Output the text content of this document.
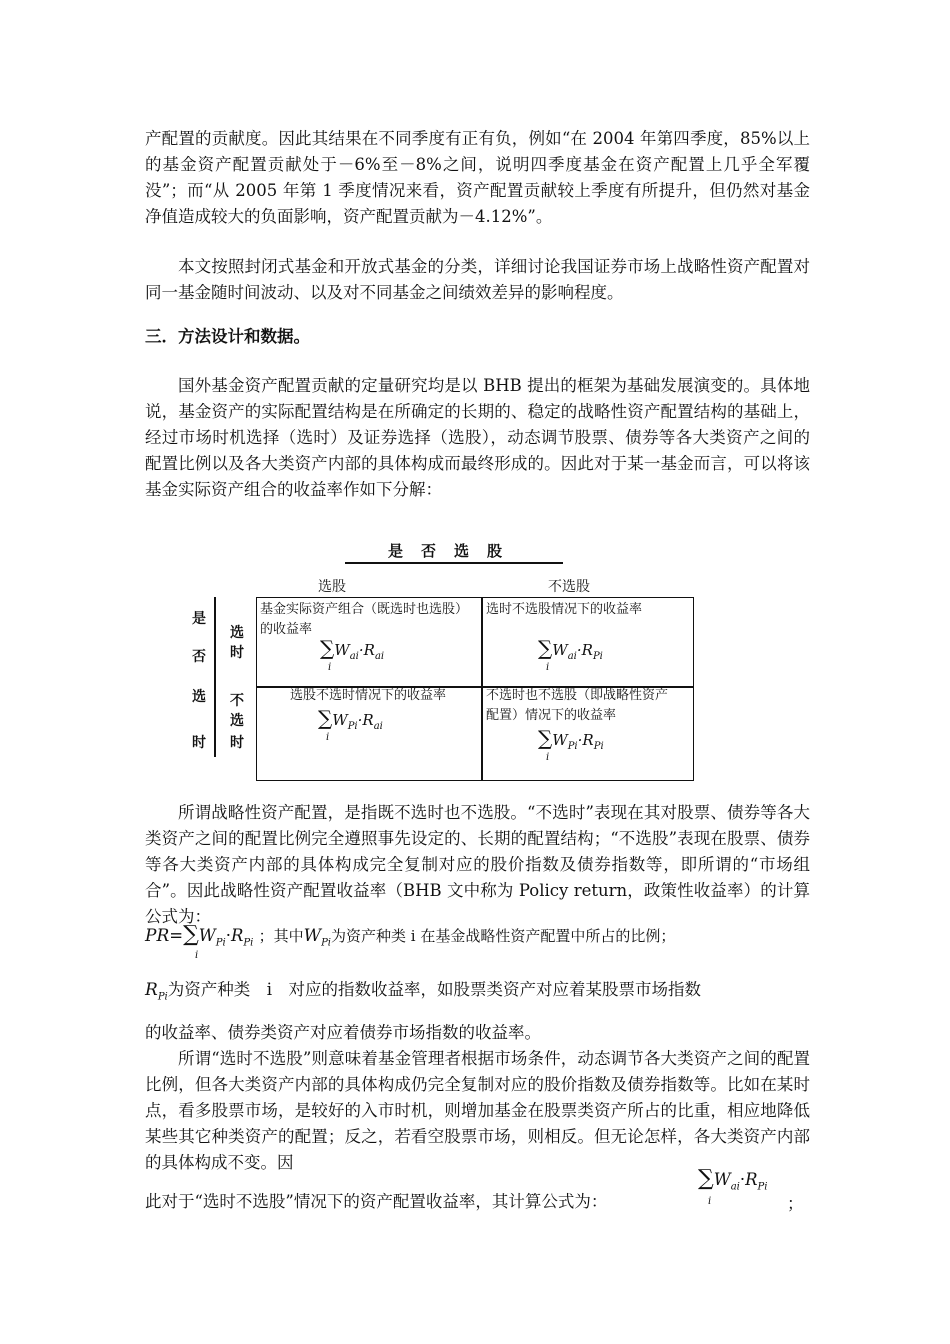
产配置的贡献度。因此其结果在不同季度有正有负，例如“在 2004 年第四季度，85%以上的基金资产配置贡献处于－6%至－8%之间，说明四季度基金在资产配置上几乎全军覆没”；而“从 2005 年第 1 季度情况来看，资产配置贡献较上季度有所提升，但仍然对基金净值造成较大的负面影响，资产配置贡献为－4.12%”。

本文按照封闭式基金和开放式基金的分类，详细讨论我国证券市场上战略性资产配置对同一基金随时间波动、以及对不同基金之间绩效差异的影响程度。

三．方法设计和数据。

国外基金资产配置贡献的定量研究均是以 BHB 提出的框架为基础发展演变的。具体地说，基金资产的实际配置结构是在所确定的长期的、稳定的战略性资产配置结构的基础上，经过市场时机选择（选时）及证券选择（选股），动态调节股票、债券等各大类资产之间的配置比例以及各大类资产内部的具体构成而最终形成的。因此对于某一基金而言，可以将该基金实际资产组合的收益率作如下分解：

是否选股
选股	不选股
是
否
选
时
选
时
不
选
时
基金实际资产组合（既选时也选股）
的收益率
$\sum W_{ai}\cdot R_{ai}$
i
选时不选股情况下的收益率
$\sum W_{ai}\cdot R_{Pi}$
i
选股不选时情况下的收益率
$\sum W_{Pi}\cdot R_{ai}$
i
不选时也不选股（即战略性资产
配置）情况下的收益率
$\sum W_{Pi}\cdot R_{Pi}$
i

所谓战略性资产配置，是指既不选时也不选股。“不选时”表现在其对股票、债券等各大类资产之间的配置比例完全遵照事先设定的、长期的配置结构；“不选股”表现在股票、债券等各大类资产内部的具体构成完全复制对应的股价指数及债券指数等，即所谓的“市场组合”。因此战略性资产配置收益率（BHB 文中称为 Policy return，政策性收益率）的计算公式为：

$PR=\sum W_{Pi}\cdot R_{Pi}$ ；其中$W_{Pi}$为资产种类 i 在基金战略性资产配置中所占的比例；
i
$R_{Pi}$为资产种类　i　对应的指数收益率，如股票类资产对应着某股票市场指数

的收益率、债券类资产对应着债券市场指数的收益率。

所谓“选时不选股”则意味着基金管理者根据市场条件，动态调节各大类资产之间的配置比例，但各大类资产内部的具体构成仍完全复制对应的股价指数及债券指数等。比如在某时点，看多股票市场，是较好的入市时机，则增加基金在股票类资产所占的比重，相应地降低某些其它种类资产的配置；反之，若看空股票市场，则相反。但无论怎样，各大类资产内部的具体构成不变。因

此对于“选时不选股”情况下的资产配置收益率，其计算公式为：
$\sum W_{ai}\cdot R_{Pi}$
i	；
